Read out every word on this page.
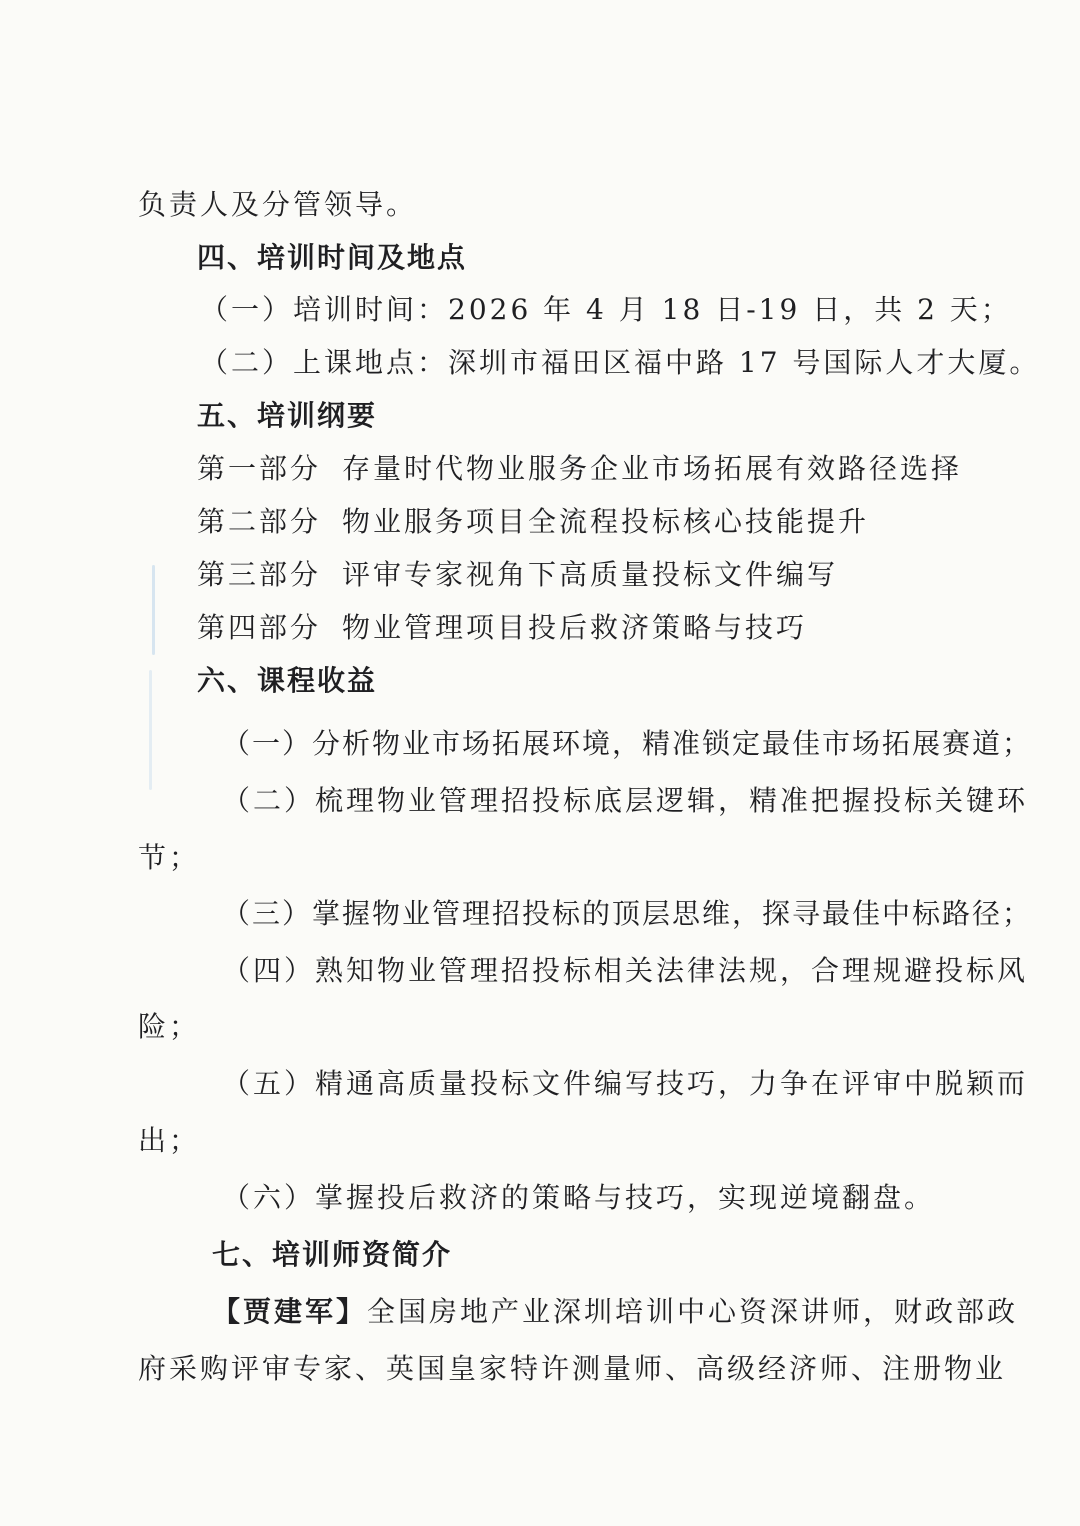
负责人及分管领导。
四、培训时间及地点
（一）培训时间：2026 年 4 月 18 日-19 日，共 2 天；
（二）上课地点：深圳市福田区福中路 17 号国际人才大厦。
五、培训纲要
第一部分 存量时代物业服务企业市场拓展有效路径选择
第二部分 物业服务项目全流程投标核心技能提升
第三部分 评审专家视角下高质量投标文件编写
第四部分 物业管理项目投后救济策略与技巧
六、课程收益
（一）分析物业市场拓展环境，精准锁定最佳市场拓展赛道；
（二）梳理物业管理招投标底层逻辑，精准把握投标关键环
节；
（三）掌握物业管理招投标的顶层思维，探寻最佳中标路径；
（四）熟知物业管理招投标相关法律法规，合理规避投标风
险；
（五）精通高质量投标文件编写技巧，力争在评审中脱颖而
出；
（六）掌握投后救济的策略与技巧，实现逆境翻盘。
七、培训师资简介
【贾建军】全国房地产业深圳培训中心资深讲师，财政部政
府采购评审专家、英国皇家特许测量师、高级经济师、注册物业
